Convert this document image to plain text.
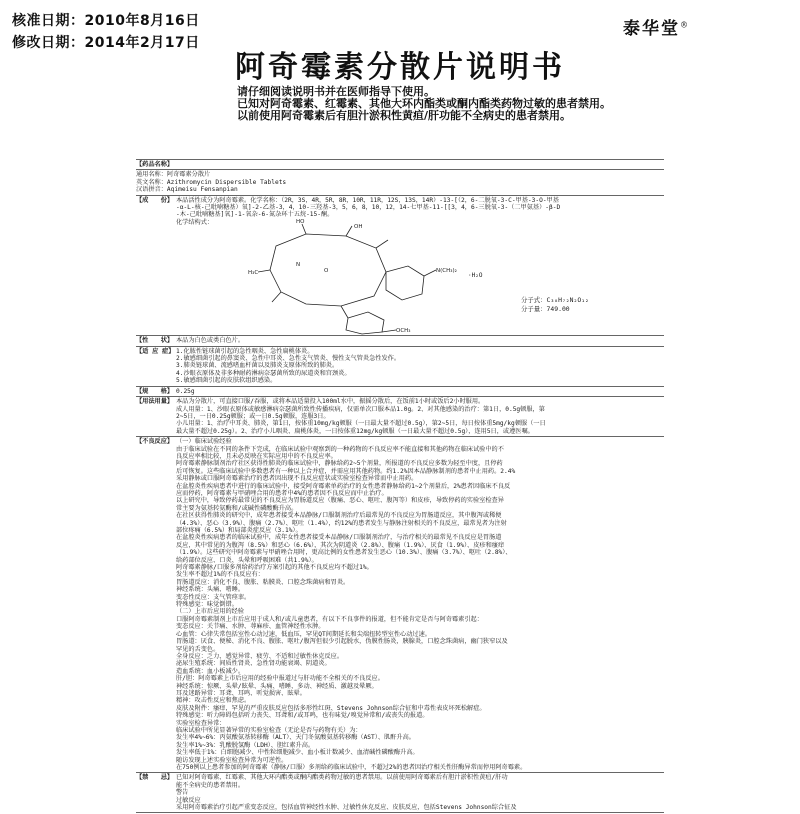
核准日期：2010年8月16日
修改日期：2014年2月17日
泰华堂®
阿奇霉素分散片说明书
请仔细阅读说明书并在医师指导下使用。
已知对阿奇霉素、红霉素、其他大环内酯类或酮内酯类药物过敏的患者禁用。
以前使用阿奇霉素后有胆汁淤积性黄疸/肝功能不全病史的患者禁用。
【药品名称】
通用名称：阿奇霉素分散片
英文名称：Azithromycin Dispersible Tablets
汉语拼音：Aqimeisu Fensanpian
【成　　份】 本品活性成分为阿奇霉素。化学名称：（2R，3S，4R，5R，8R，10R，11R，12S，13S，14R）-13-[（2，6-二脱氧-3-C-甲基-3-O-甲基
-α-L-核-己吡喃糖基）氧]-2-乙基-3，4，10-三羟基-3，5，6，8，10，12，14-七甲基-11-[[3，4，6-三脱氧-3-（二甲氨基）-β-D
-木-己吡喃糖基]氧]-1-氧杂-6-氮杂环十五烷-15-酮。
化学结构式：
N(CH₃)₂
HO
OH
H₃C
OCH₃
O
N
·H₂O
分子式：C₃₈H₇₂N₂O₁₂
分子量：749.00
【性　　状】 本品为白色或类白色片。
【适 应 症】 1.化脓性链球菌引起的急性咽炎、急性扁桃体炎。
2.敏感细菌引起的鼻窦炎、急性中耳炎、急性支气管炎、慢性支气管炎急性发作。
3.肺炎链球菌、流感嗜血杆菌以及肺炎支原体所致的肺炎。
4.沙眼衣原体及非多种耐药淋病奈瑟菌所致的尿道炎和宫颈炎。
5.敏感细菌引起的皮肤软组织感染。
【规　　格】 0.25g
【用法用量】 本品为分散片，可直接口服/吞服，或将本品适量投入100ml水中，振摇分散后，在饭前1小时或饭后2小时服用。
成人用量：1、沙眼衣原体或敏感淋病奈瑟菌所致性传播疾病，仅需单次口服本品1.0g。2、对其他感染的治疗：第1日，0.5g顿服，第
2~5日，一日0.25g顿服；或一日0.5g顿服，连服3日。
小儿用量：1、治疗中耳炎、肺炎，第1日，按体重10mg/kg顿服（一日最大量不超过0.5g），第2~5日，每日按体重5mg/kg顿服（一日
最大量不超过0.25g）。2、治疗小儿咽炎、扁桃体炎，一日按体重12mg/kg顿服（一日最大量不超过0.5g），连用5日，或遵医嘱。
【不良反应】 （一）临床试验经验
由于临床试验在不同的条件下完成，在临床试验中观察到的一种药物的不良反应率不能直接和其他药物在临床试验中的不
良反应率相比较，且未必反映在实际应用中的不良反应率。
阿奇霉素静脉制剂治疗社区获得性肺炎的临床试验中，静脉给药2~5个剂量，所报道的不良反应多数为轻至中度，且停药
后可恢复。这些临床试验中多数患者有一种以上合并症，并需应用其他药物。约1.2%因本品静脉制剂的患者中止用药。2.4%
采用静脉或口服阿奇霉素治疗的患者因出现不良反应症状或实验室检查异常而中止用药。
在盆腔炎性疾病患者中进行的临床试验中，接受阿奇霉素单药治疗的女性患者静脉给药1~2个剂量后，2%患者因临床不良反
应而停药，阿奇霉素与甲硝唑合用的患者中4%的患者因不良反应而中止治疗。
以上研究中，导致停药最常见的不良反应为胃肠道反应（腹痛、恶心、呕吐、腹泻等）和皮疹，导致停药的实验室检查异
常主要为氨基转氨酶和/或碱性磷酸酶升高。
在社区获得性肺炎的研究中，成年患者接受本品静脉/口服制剂治疗后最常见的不良反应为胃肠道反应，其中腹泻或稀便
（4.3%）、恶心（3.9%）、腹痛（2.7%）、呕吐（1.4%），约12%的患者发生与静脉注射相关的不良反应，最常见者为注射
部位疼痛（6.5%）和局部炎症反应（3.1%）。
在盆腔炎性疾病患者的临床试验中，成年女性患者接受本品静脉/口服制剂治疗，与治疗相关的最常见不良反应是胃肠道
反应，其中常见的为腹泻（8.5%）和恶心（6.6%），其次为阴道炎（2.8%）、腹痛（1.9%）、厌食（1.9%）、皮疹和瘙痒
（1.9%）。这些研究中阿奇霉素与甲硝唑合用时，更高比例的女性患者发生恶心（10.3%）、腹痛（3.7%）、呕吐（2.8%）、
给药部位反应、口炎、头晕和呼吸困难（共1.9%）。
阿奇霉素静脉/口服多剂给药治疗方案引起的其他不良反应均不超过1%。
发生率不超过1%的不良反应有：
胃肠道反应：消化不良、腹胀、粘膜炎、口腔念珠菌病和胃炎。
神经系统：头痛、嗜睡。
变态性反应：支气管痉挛。
特殊感觉：味觉倒错。
（二）上市后应用的经验
口服阿奇霉素制剂上市后应用于成人和/或儿童患者，有以下不良事件的报道，但不能肯定是否与阿奇霉素引起：
变态反应：关节痛、水肿、荨麻疹、血管神经性水肿。
心血管：心律失常包括室性心动过速，低血压，罕见QT间期延长和尖端扭转型室性心动过速。
胃肠道：厌食、便秘、消化不良、腹胀、呕吐/腹泻但很少引起脱水，伪膜性肠炎，胰腺炎，口腔念珠菌病，幽门狭窄以及
罕见的舌变色。
全身反应：乏力、感觉异常、疲劳、不适和过敏性休克反应。
泌尿生殖系统：间质性肾炎、急性肾功能衰竭、阴道炎。
造血系统：血小板减少。
肝/胆：阿奇霉素上市后应用的经验中报道过与肝功能不全相关的不良反应。
神经系统：惊厥、头晕/眩晕、头痛、嗜睡、多动、神经质、激越及晕厥。
耳及迷路异常：耳聋、耳鸣、听觉损害、眩晕。
精神：攻击性反应和焦虑。
皮肤及附件：瘙痒，罕见的严重皮肤反应包括多形性红斑、Stevens Johnson综合征和中毒性表皮坏死松解症。
特殊感觉：听力障碍包括听力丧失、耳聋和/或耳鸣，也有味觉/嗅觉异常和/或丧失的报道。
实验室检查异常：
临床试验中所见显著异常的实验室检查（无论是否与药物有关）为：
发生率4%~6%：丙氨酸氨基转移酶（ALT）、天门冬氨酸氨基转移酶（AST）、肌酐升高。
发生率1%~3%：乳酸脱氢酶（LDH）、胆红素升高。
发生率低于1%：白细胞减少、中性粒细胞减少、血小板计数减少、血清碱性磷酸酶升高。
随访发现上述实验室检查异常为可逆性。
在750例以上患者参加的阿奇霉素（静脉/口服）多剂给药临床试验中，不超过2%的患者因治疗相关性肝酶异常而停用阿奇霉素。
【禁　　忌】 已知对阿奇霉素、红霉素、其他大环内酯类或酮内酯类药物过敏的患者禁用。以前使用阿奇霉素后有胆汁淤积性黄疸/肝功
能不全病史的患者禁用。
警告
过敏反应
采用阿奇霉素治疗引起严重变态反应，包括血管神经性水肿、过敏性休克反应、皮肤反应，包括Stevens Johnson综合征及
